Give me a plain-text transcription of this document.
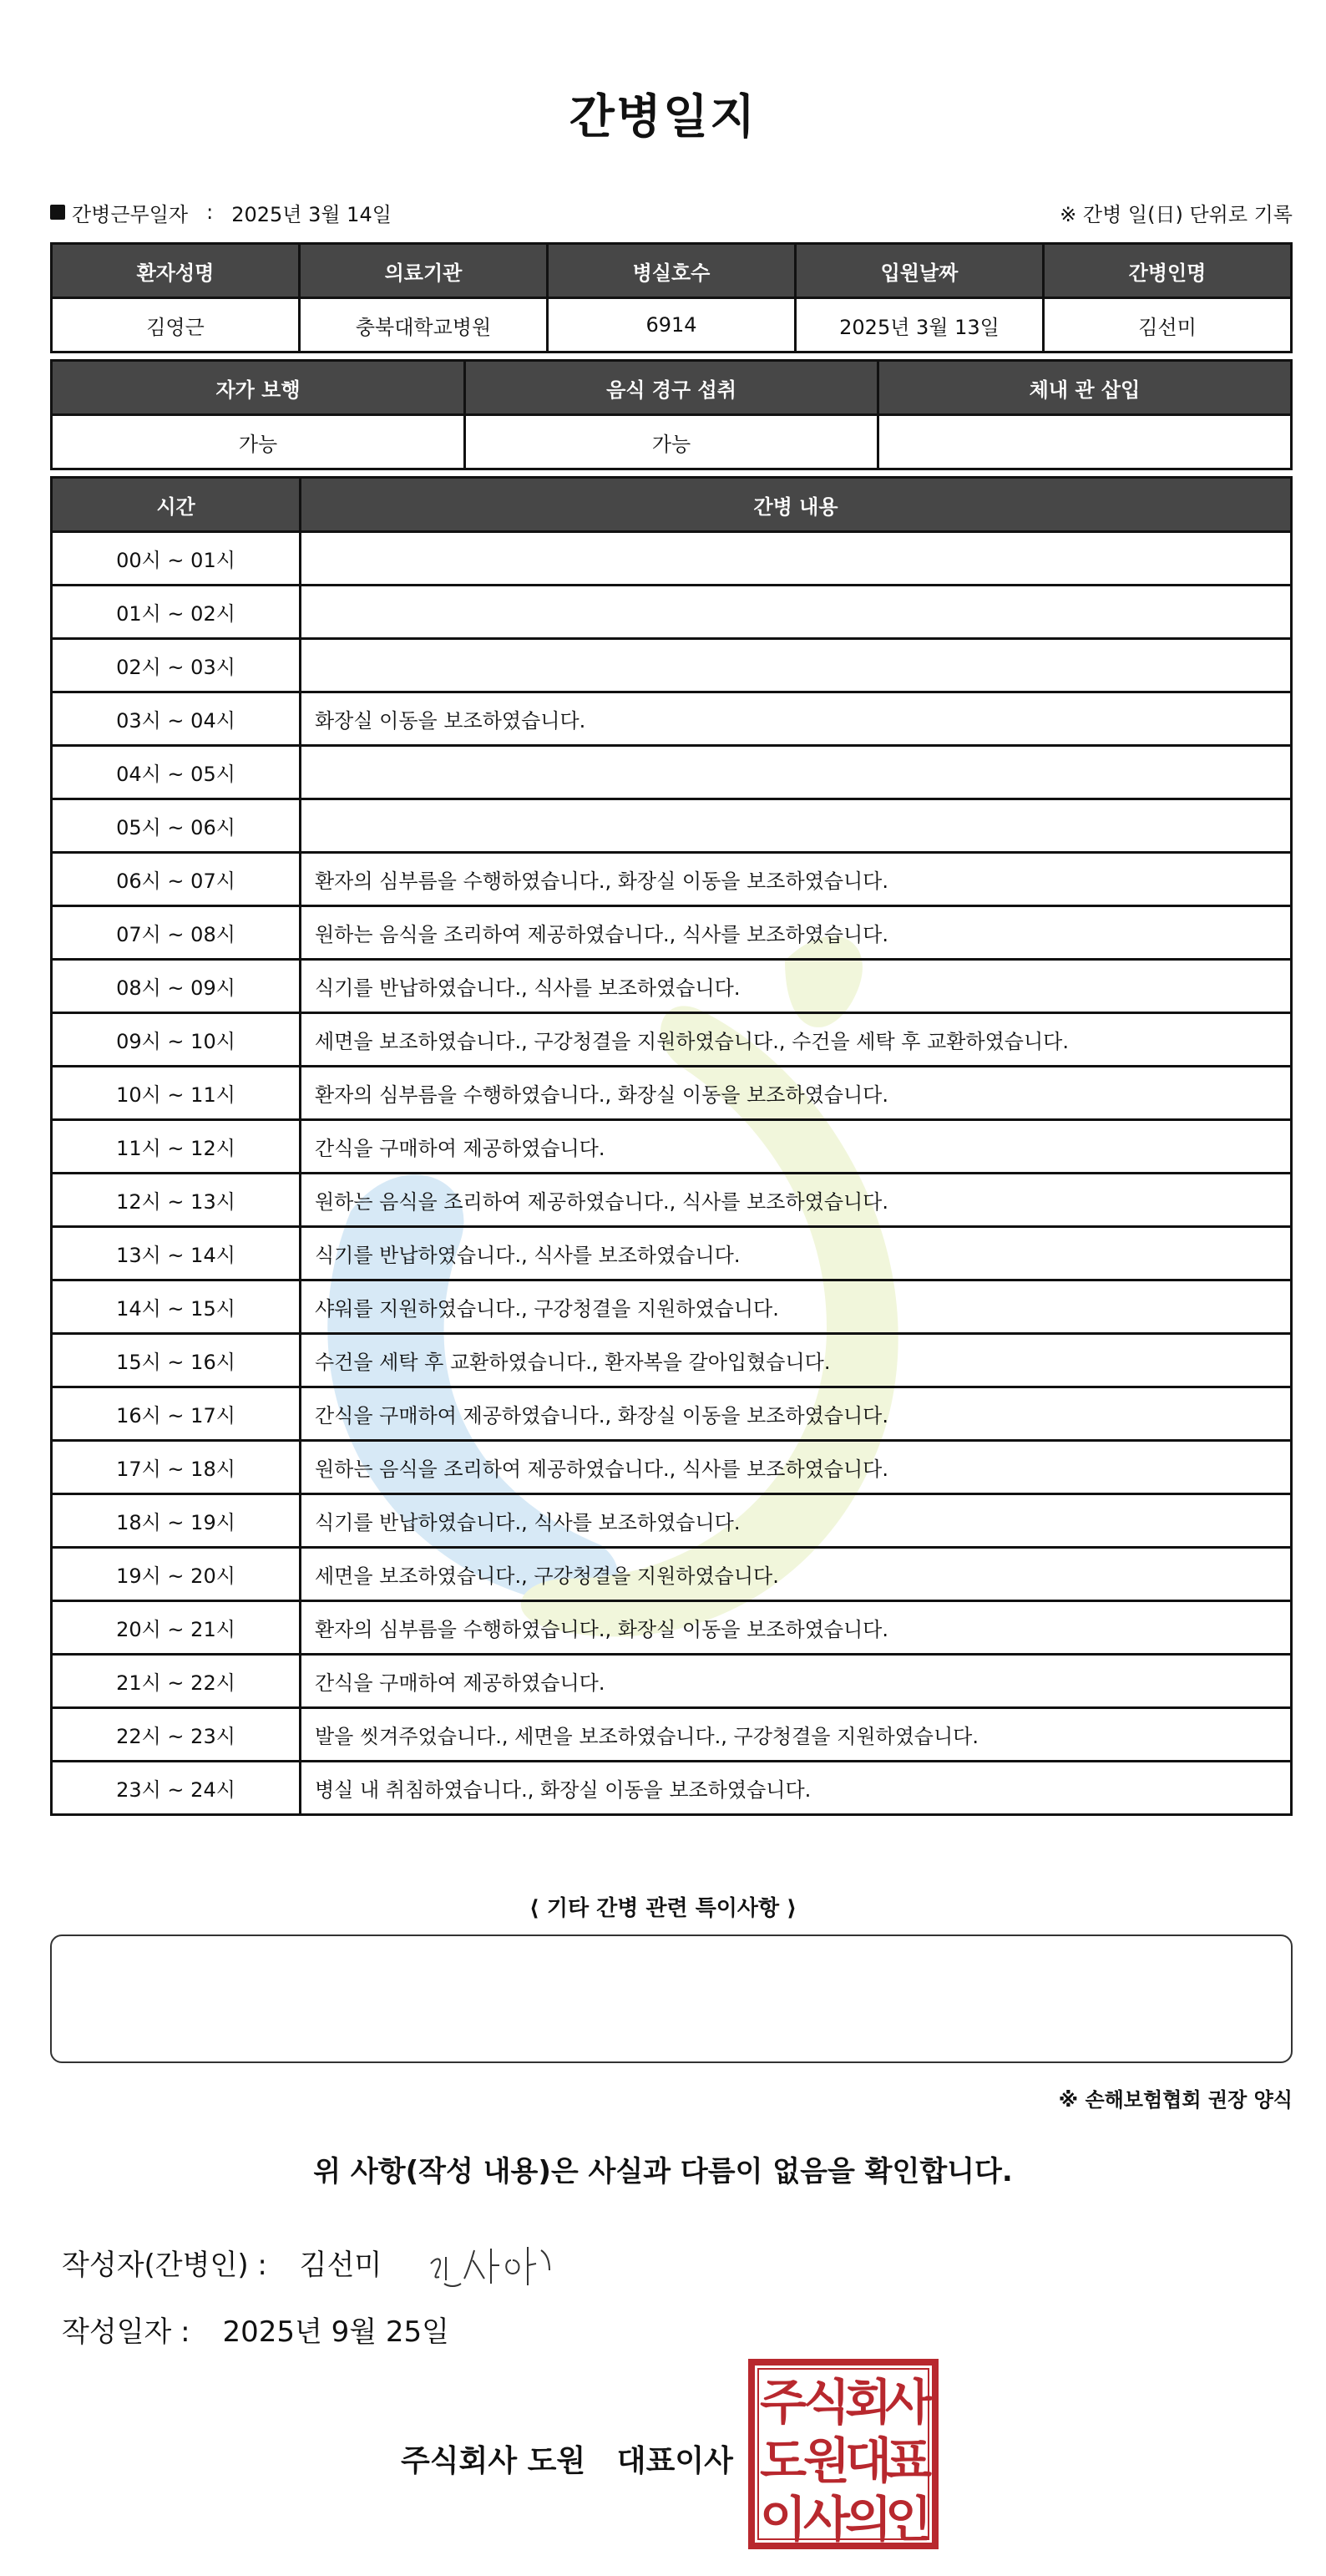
간병일지
간병근무일자 : 2025년 3월 14일	※ 간병 일(日) 단위로 기록
환자성명	의료기관	병실호수	입원날짜	간병인명
김영근	충북대학교병원	6914	2025년 3월 13일	김선미
자가 보행	음식 경구 섭취	체내 관 삽입
가능	가능	
시간	간병 내용
00시 ~ 01시	
01시 ~ 02시	
02시 ~ 03시	
03시 ~ 04시	화장실 이동을 보조하였습니다.
04시 ~ 05시	
05시 ~ 06시	
06시 ~ 07시	환자의 심부름을 수행하였습니다., 화장실 이동을 보조하였습니다.
07시 ~ 08시	원하는 음식을 조리하여 제공하였습니다., 식사를 보조하였습니다.
08시 ~ 09시	식기를 반납하였습니다., 식사를 보조하였습니다.
09시 ~ 10시	세면을 보조하였습니다., 구강청결을 지원하였습니다., 수건을 세탁 후 교환하였습니다.
10시 ~ 11시	환자의 심부름을 수행하였습니다., 화장실 이동을 보조하였습니다.
11시 ~ 12시	간식을 구매하여 제공하였습니다.
12시 ~ 13시	원하는 음식을 조리하여 제공하였습니다., 식사를 보조하였습니다.
13시 ~ 14시	식기를 반납하였습니다., 식사를 보조하였습니다.
14시 ~ 15시	샤워를 지원하였습니다., 구강청결을 지원하였습니다.
15시 ~ 16시	수건을 세탁 후 교환하였습니다., 환자복을 갈아입혔습니다.
16시 ~ 17시	간식을 구매하여 제공하였습니다., 화장실 이동을 보조하였습니다.
17시 ~ 18시	원하는 음식을 조리하여 제공하였습니다., 식사를 보조하였습니다.
18시 ~ 19시	식기를 반납하였습니다., 식사를 보조하였습니다.
19시 ~ 20시	세면을 보조하였습니다., 구강청결을 지원하였습니다.
20시 ~ 21시	환자의 심부름을 수행하였습니다., 화장실 이동을 보조하였습니다.
21시 ~ 22시	간식을 구매하여 제공하였습니다.
22시 ~ 23시	발을 씻겨주었습니다., 세면을 보조하였습니다., 구강청결을 지원하였습니다.
23시 ~ 24시	병실 내 취침하였습니다., 화장실 이동을 보조하였습니다.
⟨ 기타 간병 관련 특이사항 ⟩
※ 손해보험협회 권장 양식
위 사항(작성 내용)은 사실과 다름이 없음을 확인합니다.
작성자(간병인) : 김선미
작성일자 : 2025년 9월 25일
주식회사 도원   대표이사
주
식
회
사
도
원
대
표
이
사
의
인
